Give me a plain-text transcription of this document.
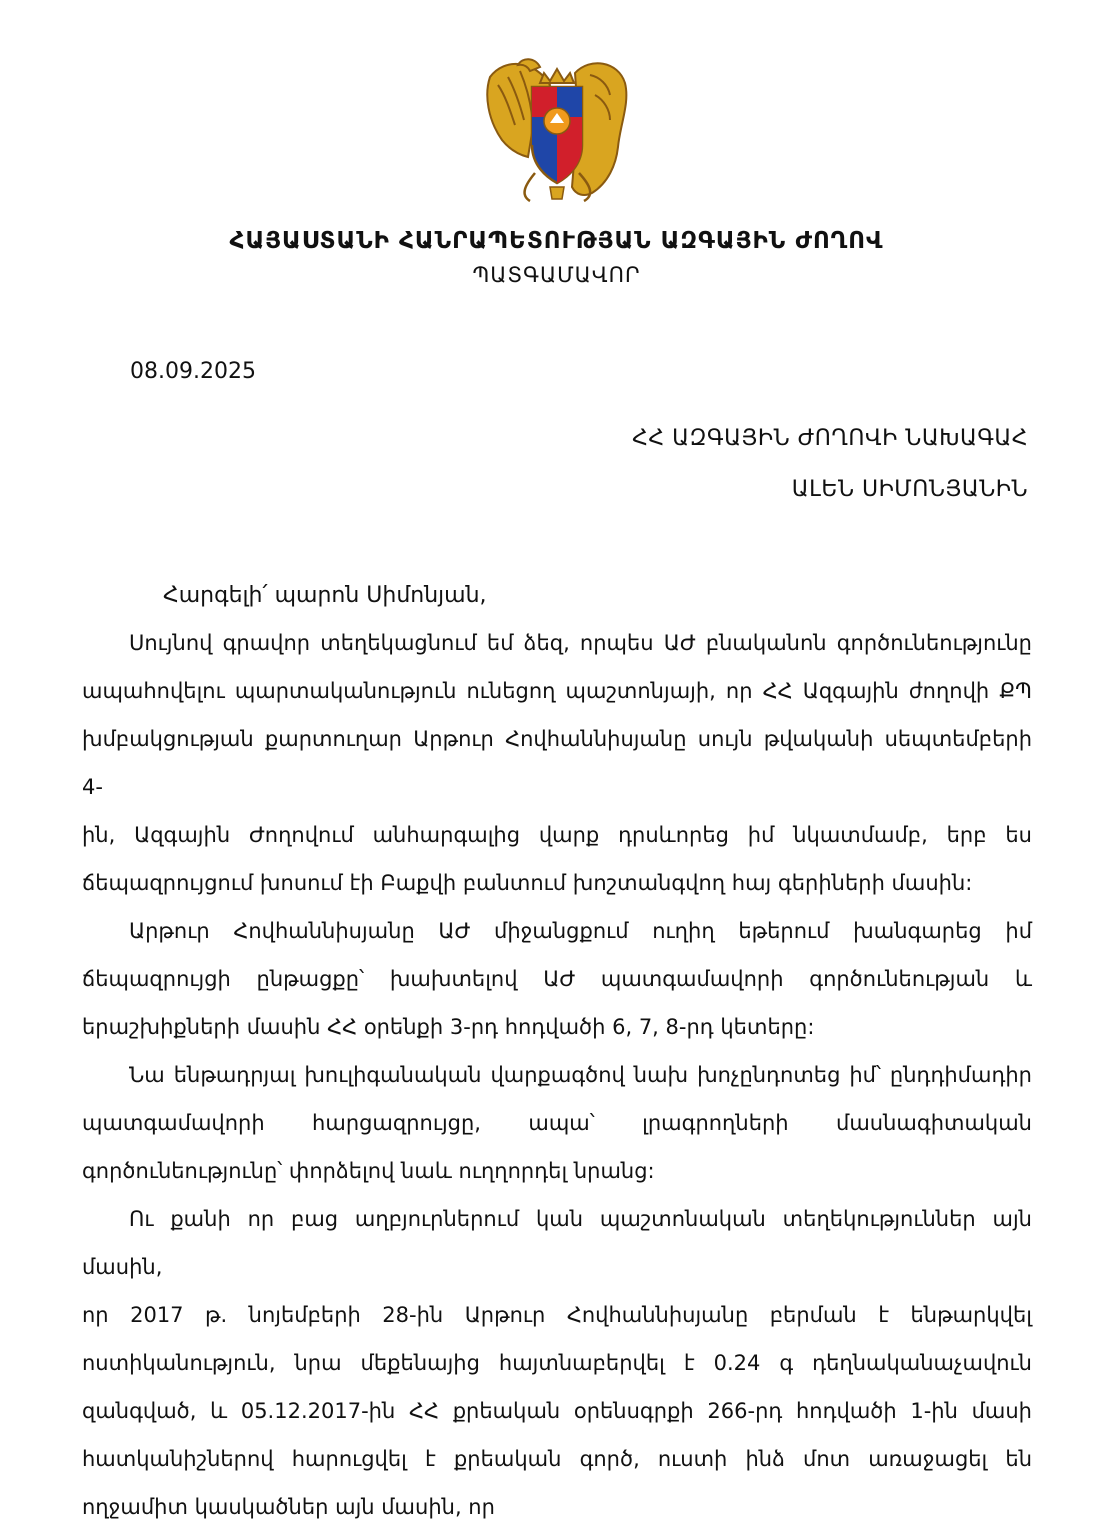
ՀԱՅԱՍՏԱՆԻ ՀԱՆՐԱՊԵՏՈՒԹՅԱՆ ԱԶԳԱՅԻՆ ԺՈՂՈՎ
ՊԱՏԳԱՄԱՎՈՐ
08.09.2025
ՀՀ ԱԶԳԱՅԻՆ ԺՈՂՈՎԻ ՆԱԽԱԳԱՀ
ԱԼԵՆ ՍԻՄՈՆՅԱՆԻՆ
Հարգելի՛ պարոն Սիմոնյան,
Սույնով գրավոր տեղեկացնում եմ ձեզ, որպես ԱԺ բնականոն գործունեությունը
ապահովելու պարտականություն ունեցող պաշտոնյայի, որ ՀՀ Ազգային ժողովի ՔՊ
խմբակցության քարտուղար Արթուր Հովհաննիսյանը սույն թվականի սեպտեմբերի 4-
ին, Ազգային Ժողովում անհարգալից վարք դրսևորեց իմ նկատմամբ, երբ ես
ճեպազրույցում խոսում էի Բաքվի բանտում խոշտանգվող հայ գերիների մասին:
Արթուր Հովհաննիսյանը ԱԺ միջանցքում ուղիղ եթերում խանգարեց իմ
ճեպազրույցի ընթացքը՝ խախտելով ԱԺ պատգամավորի գործունեության և
երաշխիքների մասին ՀՀ օրենքի 3-րդ հոդվածի 6, 7, 8-րդ կետերը:
Նա ենթադրյալ խուլիգանական վարքագծով նախ խոչընդոտեց իմ՝ ընդդիմադիր
պատգամավորի հարցազրույցը, ապա՝ լրագրողների մասնագիտական
գործունեությունը՝ փորձելով նաև ուղղորդել նրանց:
Ու քանի որ բաց աղբյուրներում կան պաշտոնական տեղեկություններ այն մասին,
որ 2017 թ. նոյեմբերի 28-ին Արթուր Հովհաննիսյանը բերման է ենթարկվել
ոստիկանություն, նրա մեքենայից հայտնաբերվել է 0.24 գ դեղնականաչավուն
զանգված, և 05.12.2017-ին ՀՀ քրեական օրենսգրքի 266-րդ հոդվածի 1-ին մասի
հատկանիշներով հարուցվել է քրեական գործ, ուստի ինձ մոտ առաջացել են
ողջամիտ կասկածներ այն մասին, որ
